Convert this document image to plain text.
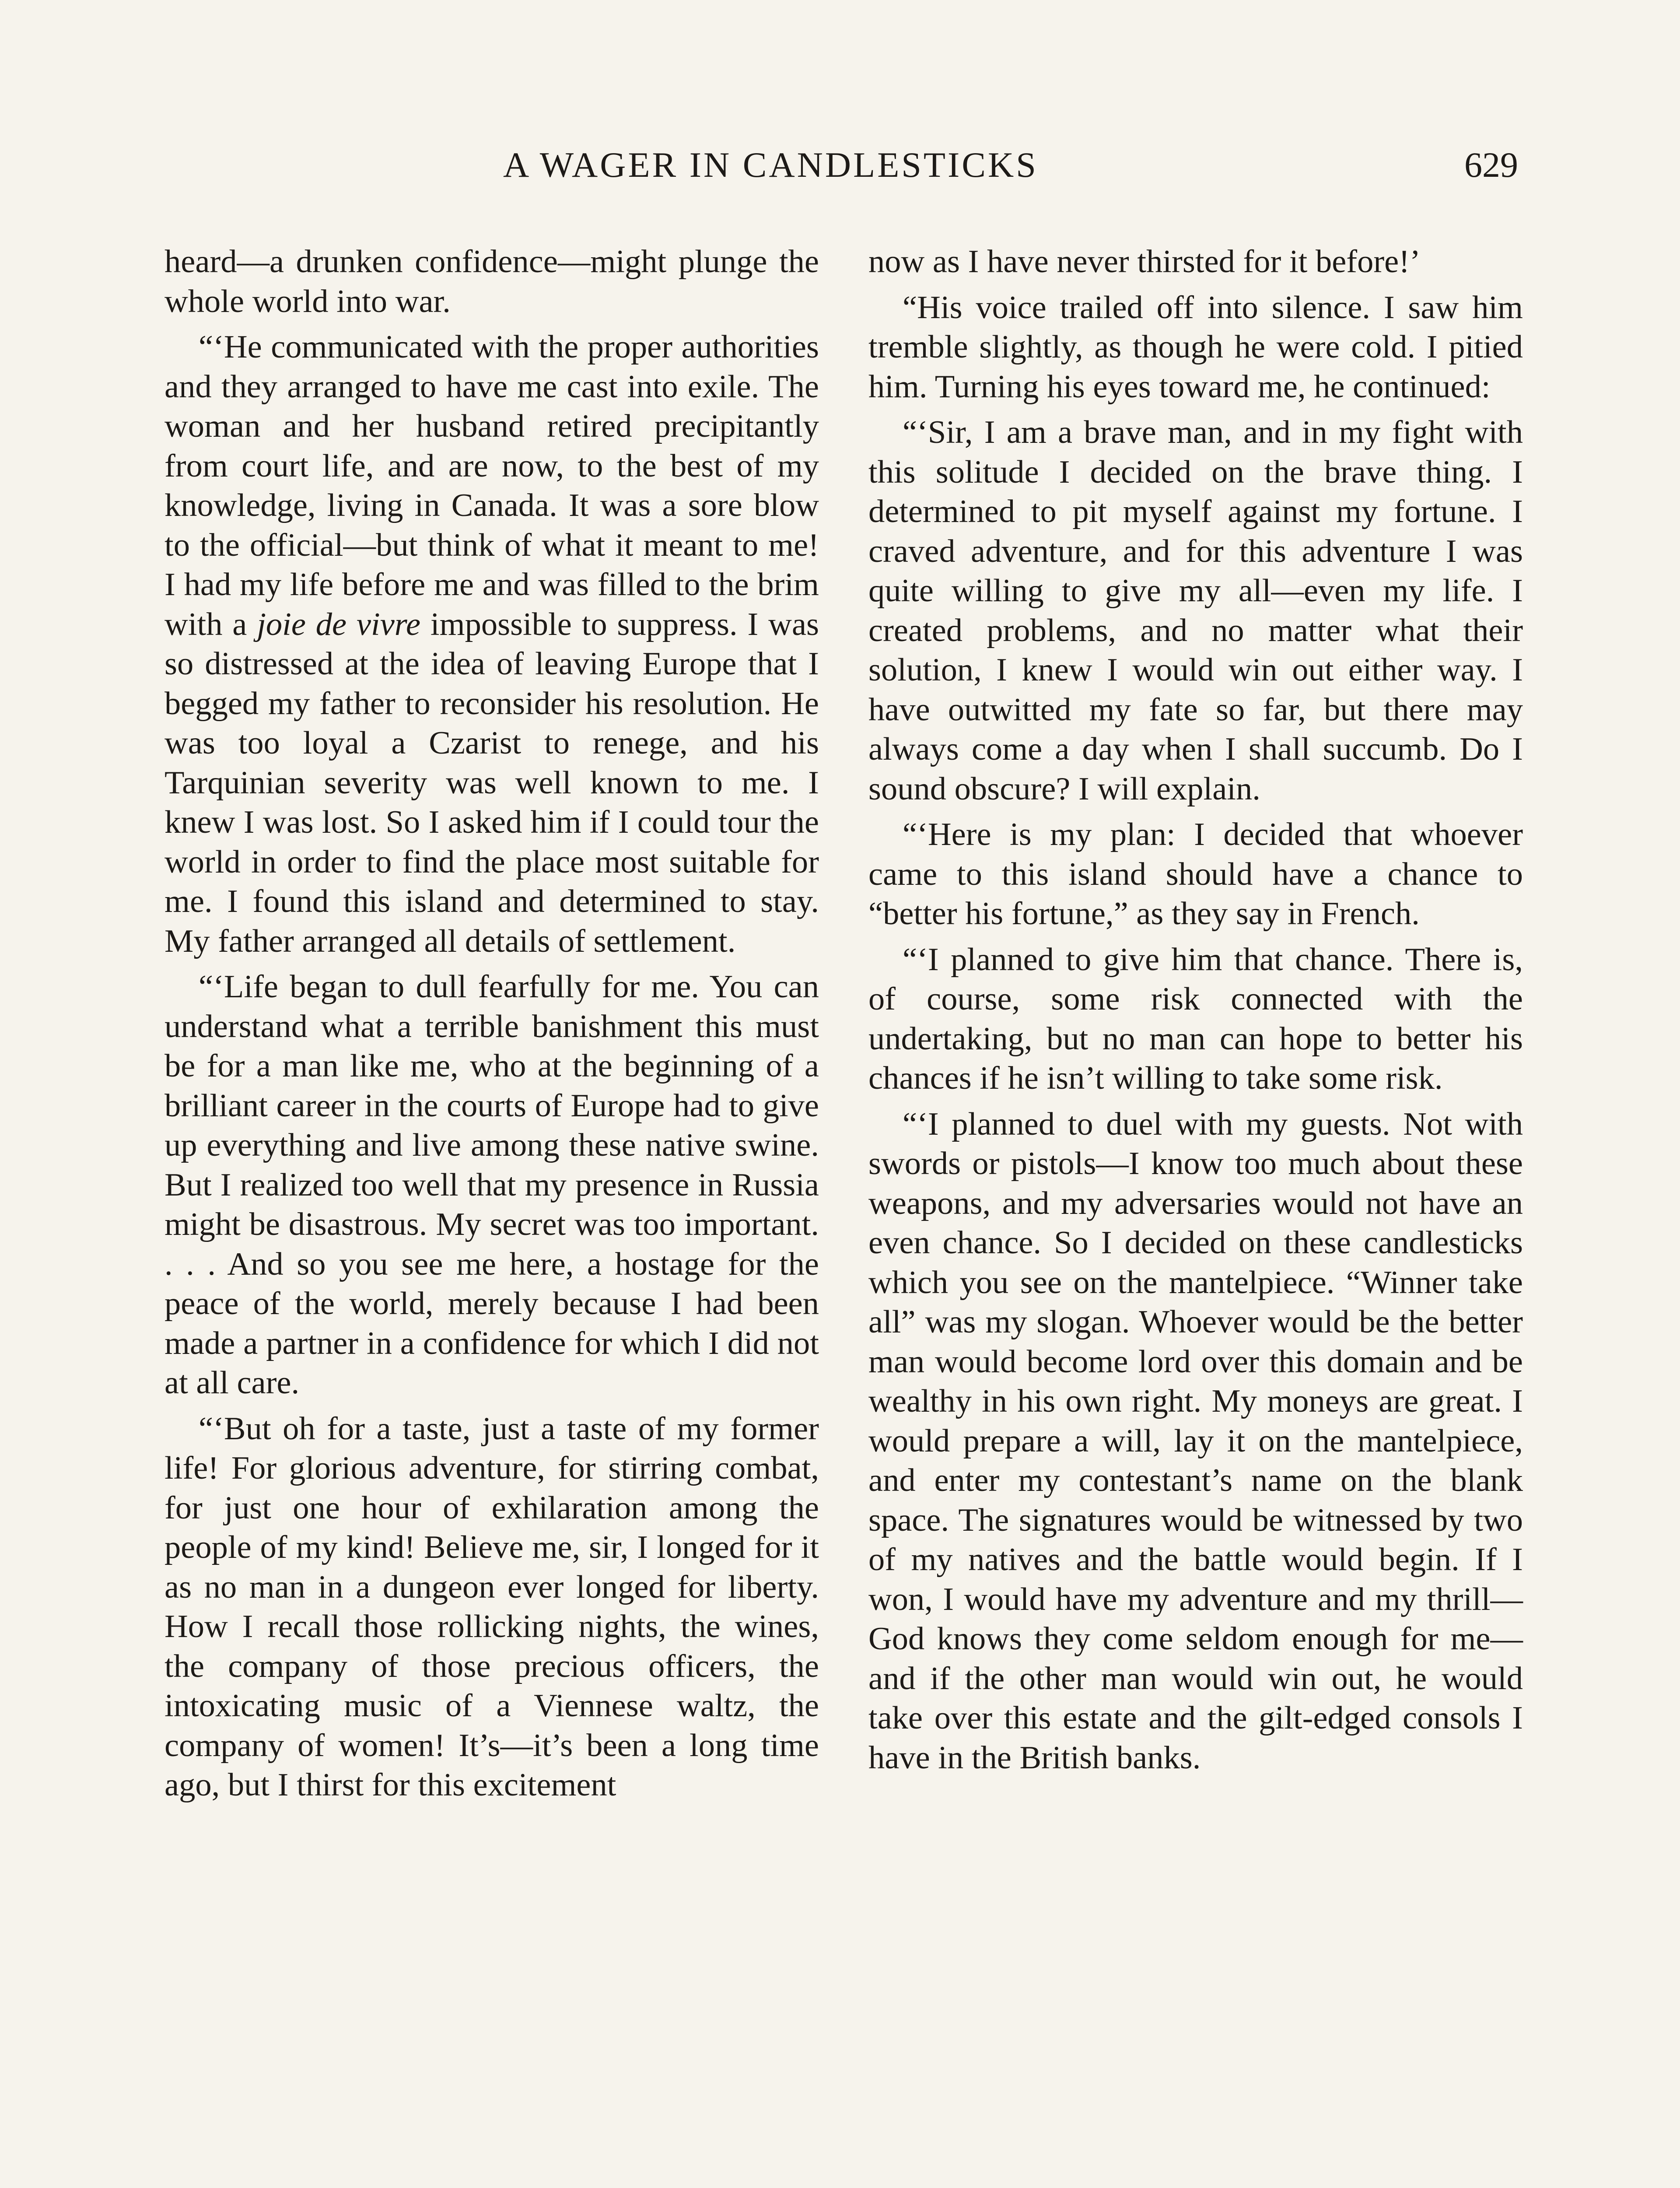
A WAGER IN CANDLESTICKS	629

heard—a drunken confidence—might plunge the whole world into war.

“‘He communicated with the proper authorities and they arranged to have me cast into exile. The woman and her husband retired precipitantly from court life, and are now, to the best of my knowledge, living in Canada. It was a sore blow to the official—but think of what it meant to me! I had my life before me and was filled to the brim with a joie de vivre impossible to suppress. I was so distressed at the idea of leaving Europe that I begged my father to reconsider his resolution. He was too loyal a Czarist to renege, and his Tarquinian severity was well known to me. I knew I was lost. So I asked him if I could tour the world in order to find the place most suitable for me. I found this island and determined to stay. My father arranged all details of settlement.

“‘Life began to dull fearfully for me. You can understand what a terrible banishment this must be for a man like me, who at the beginning of a brilliant career in the courts of Europe had to give up everything and live among these native swine. But I realized too well that my presence in Russia might be disastrous. My secret was too important. . . . And so you see me here, a hostage for the peace of the world, merely because I had been made a partner in a confidence for which I did not at all care.

“‘But oh for a taste, just a taste of my former life! For glorious adventure, for stirring combat, for just one hour of exhilaration among the people of my kind! Believe me, sir, I longed for it as no man in a dungeon ever longed for liberty. How I recall those rollicking nights, the wines, the company of those precious officers, the intoxicating music of a Viennese waltz, the company of women! It’s—it’s been a long time ago, but I thirst for this excitement

now as I have never thirsted for it before!’

“His voice trailed off into silence. I saw him tremble slightly, as though he were cold. I pitied him. Turning his eyes toward me, he continued:

“‘Sir, I am a brave man, and in my fight with this solitude I decided on the brave thing. I determined to pit myself against my fortune. I craved adventure, and for this adventure I was quite willing to give my all—even my life. I created problems, and no matter what their solution, I knew I would win out either way. I have outwitted my fate so far, but there may always come a day when I shall succumb. Do I sound obscure? I will explain.

“‘Here is my plan: I decided that whoever came to this island should have a chance to “better his fortune,” as they say in French.

“‘I planned to give him that chance. There is, of course, some risk connected with the undertaking, but no man can hope to better his chances if he isn’t willing to take some risk.

“‘I planned to duel with my guests. Not with swords or pistols—I know too much about these weapons, and my adversaries would not have an even chance. So I decided on these candlesticks which you see on the mantelpiece. “Winner take all” was my slogan. Whoever would be the better man would become lord over this domain and be wealthy in his own right. My moneys are great. I would prepare a will, lay it on the mantelpiece, and enter my contestant’s name on the blank space. The signatures would be witnessed by two of my natives and the battle would begin. If I won, I would have my adventure and my thrill—God knows they come seldom enough for me—and if the other man would win out, he would take over this estate and the gilt-edged consols I have in the British banks.
